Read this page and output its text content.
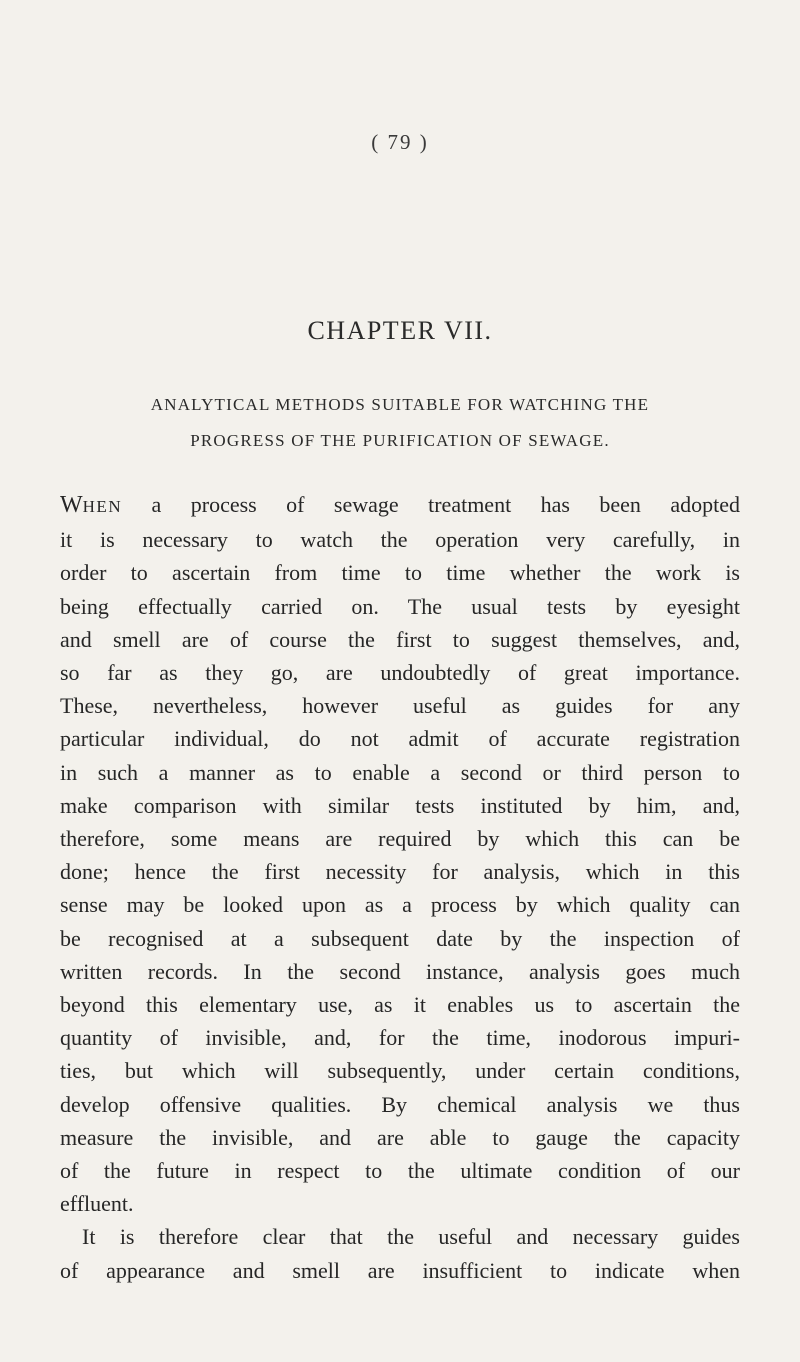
( 79 )
CHAPTER VII.
ANALYTICAL METHODS SUITABLE FOR WATCHING THE
PROGRESS OF THE PURIFICATION OF SEWAGE.
WHEN a process of sewage treatment has been adopted
it is necessary to watch the operation very carefully, in
order to ascertain from time to time whether the work is
being effectually carried on. The usual tests by eyesight
and smell are of course the first to suggest themselves, and,
so far as they go, are undoubtedly of great importance.
These, nevertheless, however useful as guides for any
particular individual, do not admit of accurate registration
in such a manner as to enable a second or third person to
make comparison with similar tests instituted by him, and,
therefore, some means are required by which this can be
done; hence the first necessity for analysis, which in this
sense may be looked upon as a process by which quality can
be recognised at a subsequent date by the inspection of
written records. In the second instance, analysis goes much
beyond this elementary use, as it enables us to ascertain the
quantity of invisible, and, for the time, inodorous impuri-
ties, but which will subsequently, under certain conditions,
develop offensive qualities. By chemical analysis we thus
measure the invisible, and are able to gauge the capacity
of the future in respect to the ultimate condition of our
effluent.
It is therefore clear that the useful and necessary guides
of appearance and smell are insufficient to indicate when
